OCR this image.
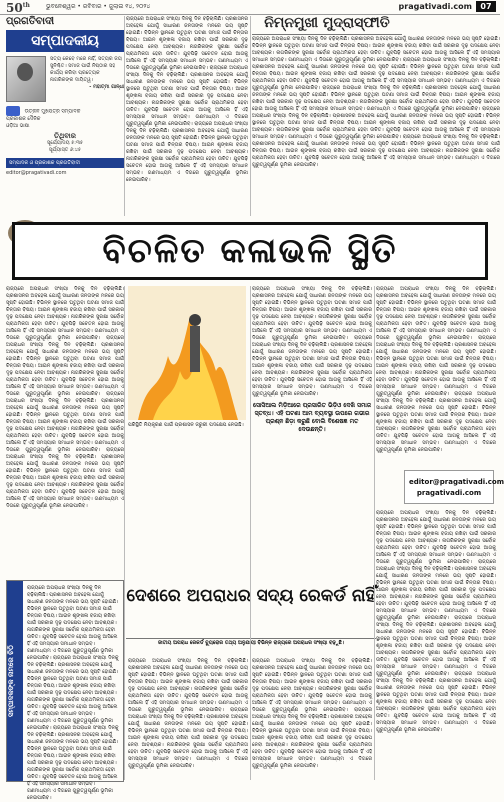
50th	ଭୁବନେଶ୍ୱର • ରବିବାର • ଜୁଲାଇ ୧୪, ୨୦୨୪	pragativadi.com	07
ପ୍ରଗତିବାଦୀ
ସମ୍ପାଦକୀୟ
ସତ୍ୟ କେବେ ମରେ ନାହିଁ, ସତ୍ୟର ଜୟ ସୁନିଶ୍ଚିତ। ସମାଜ ପାଇଁ ନିଷ୍ଠାର ସହ କାର୍ଯ୍ୟ କରିବା ପ୍ରତ୍ୟେକ ନାଗରିକଙ୍କ ଦାୟିତ୍ୱ।
- ମହାତ୍ମା ଗାନ୍ଧୀ
ଉତ୍କଳ ମୁଖପତ୍ର ସମ୍ପାଦକ
ପ୍ରକାଶକ ଦୈନିକ
ଓଡ଼ିଆ ଭାଷା
ତିଥିବାର
ସୂର୍ଯ୍ୟୋଦୟ ୫:୩୫
ସୂର୍ଯ୍ୟାସ୍ତ ୬:୪୫
ସମ୍ପାଦକ ଓ ପ୍ରକାଶକ ପ୍ରଗତିବାଦୀ
editor@pragativadi.com
ନିମ୍ନମୁଖୀ ମୁଦ୍ରାସ୍ଫୀତି
ରାଜ୍ୟରେ ଅପରାଧର ସଂଖ୍ୟା ଦିନକୁ ଦିନ ବଢ଼ିଚାଲିଛି। ପ୍ରଶାସନର ଅବହେଳା ଯୋଗୁଁ ସାଧାରଣ ଜନତାଙ୍କ ମନରେ ଭୟ ସୃଷ୍ଟି ହୋଇଛି। ବିଭିନ୍ନ ସ୍ଥାନରେ ଘଟୁଥିବା ଘଟଣା ସମାଜ ପାଇଁ ଚିନ୍ତାର ବିଷୟ। ଆଇନ ଶୃଙ୍ଖଳା ବଜାୟ ରଖିବା ପାଇଁ ସରକାର ଦୃଢ଼ ପଦକ୍ଷେପ ନେବା ଆବଶ୍ୟକ। ନାଗରିକଙ୍କ ସୁରକ୍ଷା ସର୍ବୋଚ୍ଚ ପ୍ରାଥମିକତା ହେବା ଉଚିତ। ଯୁବପିଢ଼ି ସଚେତନ ହୋଇ ଆଗକୁ ଆସିଲେ ହିଁ ଏହି ସମସ୍ୟାର ସମାଧାନ ସମ୍ଭବ। ଗଣମାଧ୍ୟମ ଏ ଦିଗରେ ଗୁରୁତ୍ୱପୂର୍ଣ୍ଣ ଭୂମିକା ନେଇପାରିବ। ରାଜ୍ୟରେ ଅପରାଧର ସଂଖ୍ୟା ଦିନକୁ ଦିନ ବଢ଼ିଚାଲିଛି। ପ୍ରଶାସନର ଅବହେଳା ଯୋଗୁଁ ସାଧାରଣ ଜନତାଙ୍କ ମନରେ ଭୟ ସୃଷ୍ଟି ହୋଇଛି। ବିଭିନ୍ନ ସ୍ଥାନରେ ଘଟୁଥିବା ଘଟଣା ସମାଜ ପାଇଁ ଚିନ୍ତାର ବିଷୟ। ଆଇନ ଶୃଙ୍ଖଳା ବଜାୟ ରଖିବା ପାଇଁ ସରକାର ଦୃଢ଼ ପଦକ୍ଷେପ ନେବା ଆବଶ୍ୟକ। ନାଗରିକଙ୍କ ସୁରକ୍ଷା ସର୍ବୋଚ୍ଚ ପ୍ରାଥମିକତା ହେବା ଉଚିତ। ଯୁବପିଢ଼ି ସଚେତନ ହୋଇ ଆଗକୁ ଆସିଲେ ହିଁ ଏହି ସମସ୍ୟାର ସମାଧାନ ସମ୍ଭବ। ଗଣମାଧ୍ୟମ ଏ ଦିଗରେ ଗୁରୁତ୍ୱପୂର୍ଣ୍ଣ ଭୂମିକା ନେଇପାରିବ। ରାଜ୍ୟରେ ଅପରାଧର ସଂଖ୍ୟା ଦିନକୁ ଦିନ ବଢ଼ିଚାଲିଛି। ପ୍ରଶାସନର ଅବହେଳା ଯୋଗୁଁ ସାଧାରଣ ଜନତାଙ୍କ ମନରେ ଭୟ ସୃଷ୍ଟି ହୋଇଛି। ବିଭିନ୍ନ ସ୍ଥାନରେ ଘଟୁଥିବା ଘଟଣା ସମାଜ ପାଇଁ ଚିନ୍ତାର ବିଷୟ। ଆଇନ ଶୃଙ୍ଖଳା ବଜାୟ ରଖିବା ପାଇଁ ସରକାର ଦୃଢ଼ ପଦକ୍ଷେପ ନେବା ଆବଶ୍ୟକ। ନାଗରିକଙ୍କ ସୁରକ୍ଷା ସର୍ବୋଚ୍ଚ ପ୍ରାଥମିକତା ହେବା ଉଚିତ। ଯୁବପିଢ଼ି ସଚେତନ ହୋଇ ଆଗକୁ ଆସିଲେ ହିଁ ଏହି ସମସ୍ୟାର ସମାଧାନ ସମ୍ଭବ। ଗଣମାଧ୍ୟମ ଏ ଦିଗରେ ଗୁରୁତ୍ୱପୂର୍ଣ୍ଣ ଭୂମିକା ନେଇପାରିବ।
ରାଜ୍ୟରେ ଅପରାଧର ସଂଖ୍ୟା ଦିନକୁ ଦିନ ବଢ଼ିଚାଲିଛି। ପ୍ରଶାସନର ଅବହେଳା ଯୋଗୁଁ ସାଧାରଣ ଜନତାଙ୍କ ମନରେ ଭୟ ସୃଷ୍ଟି ହୋଇଛି। ବିଭିନ୍ନ ସ୍ଥାନରେ ଘଟୁଥିବା ଘଟଣା ସମାଜ ପାଇଁ ଚିନ୍ତାର ବିଷୟ। ଆଇନ ଶୃଙ୍ଖଳା ବଜାୟ ରଖିବା ପାଇଁ ସରକାର ଦୃଢ଼ ପଦକ୍ଷେପ ନେବା ଆବଶ୍ୟକ। ନାଗରିକଙ୍କ ସୁରକ୍ଷା ସର୍ବୋଚ୍ଚ ପ୍ରାଥମିକତା ହେବା ଉଚିତ। ଯୁବପିଢ଼ି ସଚେତନ ହୋଇ ଆଗକୁ ଆସିଲେ ହିଁ ଏହି ସମସ୍ୟାର ସମାଧାନ ସମ୍ଭବ। ଗଣମାଧ୍ୟମ ଏ ଦିଗରେ ଗୁରୁତ୍ୱପୂର୍ଣ୍ଣ ଭୂମିକା ନେଇପାରିବ। ରାଜ୍ୟରେ ଅପରାଧର ସଂଖ୍ୟା ଦିନକୁ ଦିନ ବଢ଼ିଚାଲିଛି। ପ୍ରଶାସନର ଅବହେଳା ଯୋଗୁଁ ସାଧାରଣ ଜନତାଙ୍କ ମନରେ ଭୟ ସୃଷ୍ଟି ହୋଇଛି। ବିଭିନ୍ନ ସ୍ଥାନରେ ଘଟୁଥିବା ଘଟଣା ସମାଜ ପାଇଁ ଚିନ୍ତାର ବିଷୟ। ଆଇନ ଶୃଙ୍ଖଳା ବଜାୟ ରଖିବା ପାଇଁ ସରକାର ଦୃଢ଼ ପଦକ୍ଷେପ ନେବା ଆବଶ୍ୟକ। ନାଗରିକଙ୍କ ସୁରକ୍ଷା ସର୍ବୋଚ୍ଚ ପ୍ରାଥମିକତା ହେବା ଉଚିତ। ଯୁବପିଢ଼ି ସଚେତନ ହୋଇ ଆଗକୁ ଆସିଲେ ହିଁ ଏହି ସମସ୍ୟାର ସମାଧାନ ସମ୍ଭବ। ଗଣମାଧ୍ୟମ ଏ ଦିଗରେ ଗୁରୁତ୍ୱପୂର୍ଣ୍ଣ ଭୂମିକା ନେଇପାରିବ। ରାଜ୍ୟରେ ଅପରାଧର ସଂଖ୍ୟା ଦିନକୁ ଦିନ ବଢ଼ିଚାଲିଛି। ପ୍ରଶାସନର ଅବହେଳା ଯୋଗୁଁ ସାଧାରଣ ଜନତାଙ୍କ ମନରେ ଭୟ ସୃଷ୍ଟି ହୋଇଛି। ବିଭିନ୍ନ ସ୍ଥାନରେ ଘଟୁଥିବା ଘଟଣା ସମାଜ ପାଇଁ ଚିନ୍ତାର ବିଷୟ। ଆଇନ ଶୃଙ୍ଖଳା ବଜାୟ ରଖିବା ପାଇଁ ସରକାର ଦୃଢ଼ ପଦକ୍ଷେପ ନେବା ଆବଶ୍ୟକ। ନାଗରିକଙ୍କ ସୁରକ୍ଷା ସର୍ବୋଚ୍ଚ ପ୍ରାଥମିକତା ହେବା ଉଚିତ। ଯୁବପିଢ଼ି ସଚେତନ ହୋଇ ଆଗକୁ ଆସିଲେ ହିଁ ଏହି ସମସ୍ୟାର ସମାଧାନ ସମ୍ଭବ। ଗଣମାଧ୍ୟମ ଏ ଦିଗରେ ଗୁରୁତ୍ୱପୂର୍ଣ୍ଣ ଭୂମିକା ନେଇପାରିବ। ରାଜ୍ୟରେ ଅପରାଧର ସଂଖ୍ୟା ଦିନକୁ ଦିନ ବଢ଼ିଚାଲିଛି। ପ୍ରଶାସନର ଅବହେଳା ଯୋଗୁଁ ସାଧାରଣ ଜନତାଙ୍କ ମନରେ ଭୟ ସୃଷ୍ଟି ହୋଇଛି। ବିଭିନ୍ନ ସ୍ଥାନରେ ଘଟୁଥିବା ଘଟଣା ସମାଜ ପାଇଁ ଚିନ୍ତାର ବିଷୟ। ଆଇନ ଶୃଙ୍ଖଳା ବଜାୟ ରଖିବା ପାଇଁ ସରକାର ଦୃଢ଼ ପଦକ୍ଷେପ ନେବା ଆବଶ୍ୟକ। ନାଗରିକଙ୍କ ସୁରକ୍ଷା ସର୍ବୋଚ୍ଚ ପ୍ରାଥମିକତା ହେବା ଉଚିତ। ଯୁବପିଢ଼ି ସଚେତନ ହୋଇ ଆଗକୁ ଆସିଲେ ହିଁ ଏହି ସମସ୍ୟାର ସମାଧାନ ସମ୍ଭବ। ଗଣମାଧ୍ୟମ ଏ ଦିଗରେ ଗୁରୁତ୍ୱପୂର୍ଣ୍ଣ ଭୂମିକା ନେଇପାରିବ। ରାଜ୍ୟରେ ଅପରାଧର ସଂଖ୍ୟା ଦିନକୁ ଦିନ ବଢ଼ିଚାଲିଛି। ପ୍ରଶାସନର ଅବହେଳା ଯୋଗୁଁ ସାଧାରଣ ଜନତାଙ୍କ ମନରେ ଭୟ ସୃଷ୍ଟି ହୋଇଛି। ବିଭିନ୍ନ ସ୍ଥାନରେ ଘଟୁଥିବା ଘଟଣା ସମାଜ ପାଇଁ ଚିନ୍ତାର ବିଷୟ। ଆଇନ ଶୃଙ୍ଖଳା ବଜାୟ ରଖିବା ପାଇଁ ସରକାର ଦୃଢ଼ ପଦକ୍ଷେପ ନେବା ଆବଶ୍ୟକ। ନାଗରିକଙ୍କ ସୁରକ୍ଷା ସର୍ବୋଚ୍ଚ ପ୍ରାଥମିକତା ହେବା ଉଚିତ। ଯୁବପିଢ଼ି ସଚେତନ ହୋଇ ଆଗକୁ ଆସିଲେ ହିଁ ଏହି ସମସ୍ୟାର ସମାଧାନ ସମ୍ଭବ। ଗଣମାଧ୍ୟମ ଏ ଦିଗରେ ଗୁରୁତ୍ୱପୂର୍ଣ୍ଣ ଭୂମିକା ନେଇପାରିବ।
ବିଚଳିତ କଳାଭଳି ସ୍ଥିତି
ରାଜ୍ୟରେ ଅପରାଧର ସଂଖ୍ୟା ଦିନକୁ ଦିନ ବଢ଼ିଚାଲିଛି। ପ୍ରଶାସନର ଅବହେଳା ଯୋଗୁଁ ସାଧାରଣ ଜନତାଙ୍କ ମନରେ ଭୟ ସୃଷ୍ଟି ହୋଇଛି। ବିଭିନ୍ନ ସ୍ଥାନରେ ଘଟୁଥିବା ଘଟଣା ସମାଜ ପାଇଁ ଚିନ୍ତାର ବିଷୟ। ଆଇନ ଶୃଙ୍ଖଳା ବଜାୟ ରଖିବା ପାଇଁ ସରକାର ଦୃଢ଼ ପଦକ୍ଷେପ ନେବା ଆବଶ୍ୟକ। ନାଗରିକଙ୍କ ସୁରକ୍ଷା ସର୍ବୋଚ୍ଚ ପ୍ରାଥମିକତା ହେବା ଉଚିତ। ଯୁବପିଢ଼ି ସଚେତନ ହୋଇ ଆଗକୁ ଆସିଲେ ହିଁ ଏହି ସମସ୍ୟାର ସମାଧାନ ସମ୍ଭବ। ଗଣମାଧ୍ୟମ ଏ ଦିଗରେ ଗୁରୁତ୍ୱପୂର୍ଣ୍ଣ ଭୂମିକା ନେଇପାରିବ। ରାଜ୍ୟରେ ଅପରାଧର ସଂଖ୍ୟା ଦିନକୁ ଦିନ ବଢ଼ିଚାଲିଛି। ପ୍ରଶାସନର ଅବହେଳା ଯୋଗୁଁ ସାଧାରଣ ଜନତାଙ୍କ ମନରେ ଭୟ ସୃଷ୍ଟି ହୋଇଛି। ବିଭିନ୍ନ ସ୍ଥାନରେ ଘଟୁଥିବା ଘଟଣା ସମାଜ ପାଇଁ ଚିନ୍ତାର ବିଷୟ। ଆଇନ ଶୃଙ୍ଖଳା ବଜାୟ ରଖିବା ପାଇଁ ସରକାର ଦୃଢ଼ ପଦକ୍ଷେପ ନେବା ଆବଶ୍ୟକ। ନାଗରିକଙ୍କ ସୁରକ୍ଷା ସର୍ବୋଚ୍ଚ ପ୍ରାଥମିକତା ହେବା ଉଚିତ। ଯୁବପିଢ଼ି ସଚେତନ ହୋଇ ଆଗକୁ ଆସିଲେ ହିଁ ଏହି ସମସ୍ୟାର ସମାଧାନ ସମ୍ଭବ। ଗଣମାଧ୍ୟମ ଏ ଦିଗରେ ଗୁରୁତ୍ୱପୂର୍ଣ୍ଣ ଭୂମିକା ନେଇପାରିବ। ରାଜ୍ୟରେ ଅପରାଧର ସଂଖ୍ୟା ଦିନକୁ ଦିନ ବଢ଼ିଚାଲିଛି। ପ୍ରଶାସନର ଅବହେଳା ଯୋଗୁଁ ସାଧାରଣ ଜନତାଙ୍କ ମନରେ ଭୟ ସୃଷ୍ଟି ହୋଇଛି। ବିଭିନ୍ନ ସ୍ଥାନରେ ଘଟୁଥିବା ଘଟଣା ସମାଜ ପାଇଁ ଚିନ୍ତାର ବିଷୟ। ଆଇନ ଶୃଙ୍ଖଳା ବଜାୟ ରଖିବା ପାଇଁ ସରକାର ଦୃଢ଼ ପଦକ୍ଷେପ ନେବା ଆବଶ୍ୟକ। ନାଗରିକଙ୍କ ସୁରକ୍ଷା ସର୍ବୋଚ୍ଚ ପ୍ରାଥମିକତା ହେବା ଉଚିତ। ଯୁବପିଢ଼ି ସଚେତନ ହୋଇ ଆଗକୁ ଆସିଲେ ହିଁ ଏହି ସମସ୍ୟାର ସମାଧାନ ସମ୍ଭବ। ଗଣମାଧ୍ୟମ ଏ ଦିଗରେ ଗୁରୁତ୍ୱପୂର୍ଣ୍ଣ ଭୂମିକା ନେଇପାରିବ। ରାଜ୍ୟରେ ଅପରାଧର ସଂଖ୍ୟା ଦିନକୁ ଦିନ ବଢ଼ିଚାଲିଛି। ପ୍ରଶାସନର ଅବହେଳା ଯୋଗୁଁ ସାଧାରଣ ଜନତାଙ୍କ ମନରେ ଭୟ ସୃଷ୍ଟି ହୋଇଛି। ବିଭିନ୍ନ ସ୍ଥାନରେ ଘଟୁଥିବା ଘଟଣା ସମାଜ ପାଇଁ ଚିନ୍ତାର ବିଷୟ। ଆଇନ ଶୃଙ୍ଖଳା ବଜାୟ ରଖିବା ପାଇଁ ସରକାର ଦୃଢ଼ ପଦକ୍ଷେପ ନେବା ଆବଶ୍ୟକ। ନାଗରିକଙ୍କ ସୁରକ୍ଷା ସର୍ବୋଚ୍ଚ ପ୍ରାଥମିକତା ହେବା ଉଚିତ। ଯୁବପିଢ଼ି ସଚେତନ ହୋଇ ଆଗକୁ ଆସିଲେ ହିଁ ଏହି ସମସ୍ୟାର ସମାଧାନ ସମ୍ଭବ। ଗଣମାଧ୍ୟମ ଏ ଦିଗରେ ଗୁରୁତ୍ୱପୂର୍ଣ୍ଣ ଭୂମିକା ନେଇପାରିବ।
ପରିସ୍ଥିତି ନିୟନ୍ତ୍ରଣ ପାଇଁ ପ୍ରଶାସନ ଜରୁରୀ ପଦକ୍ଷେପ ନେଇଛି।
ରାଜ୍ୟରେ ଅପରାଧର ସଂଖ୍ୟା ଦିନକୁ ଦିନ ବଢ଼ିଚାଲିଛି। ପ୍ରଶାସନର ଅବହେଳା ଯୋଗୁଁ ସାଧାରଣ ଜନତାଙ୍କ ମନରେ ଭୟ ସୃଷ୍ଟି ହୋଇଛି। ବିଭିନ୍ନ ସ୍ଥାନରେ ଘଟୁଥିବା ଘଟଣା ସମାଜ ପାଇଁ ଚିନ୍ତାର ବିଷୟ। ଆଇନ ଶୃଙ୍ଖଳା ବଜାୟ ରଖିବା ପାଇଁ ସରକାର ଦୃଢ଼ ପଦକ୍ଷେପ ନେବା ଆବଶ୍ୟକ। ନାଗରିକଙ୍କ ସୁରକ୍ଷା ସର୍ବୋଚ୍ଚ ପ୍ରାଥମିକତା ହେବା ଉଚିତ। ଯୁବପିଢ଼ି ସଚେତନ ହୋଇ ଆଗକୁ ଆସିଲେ ହିଁ ଏହି ସମସ୍ୟାର ସମାଧାନ ସମ୍ଭବ। ଗଣମାଧ୍ୟମ ଏ ଦିଗରେ ଗୁରୁତ୍ୱପୂର୍ଣ୍ଣ ଭୂମିକା ନେଇପାରିବ। ରାଜ୍ୟରେ ଅପରାଧର ସଂଖ୍ୟା ଦିନକୁ ଦିନ ବଢ଼ିଚାଲିଛି। ପ୍ରଶାସନର ଅବହେଳା ଯୋଗୁଁ ସାଧାରଣ ଜନତାଙ୍କ ମନରେ ଭୟ ସୃଷ୍ଟି ହୋଇଛି। ବିଭିନ୍ନ ସ୍ଥାନରେ ଘଟୁଥିବା ଘଟଣା ସମାଜ ପାଇଁ ଚିନ୍ତାର ବିଷୟ। ଆଇନ ଶୃଙ୍ଖଳା ବଜାୟ ରଖିବା ପାଇଁ ସରକାର ଦୃଢ଼ ପଦକ୍ଷେପ ନେବା ଆବଶ୍ୟକ। ନାଗରିକଙ୍କ ସୁରକ୍ଷା ସର୍ବୋଚ୍ଚ ପ୍ରାଥମିକତା ହେବା ଉଚିତ। ଯୁବପିଢ଼ି ସଚେତନ ହୋଇ ଆଗକୁ ଆସିଲେ ହିଁ ଏହି ସମସ୍ୟାର ସମାଧାନ ସମ୍ଭବ। ଗଣମାଧ୍ୟମ ଏ ଦିଗରେ ଗୁରୁତ୍ୱପୂର୍ଣ୍ଣ ଭୂମିକା ନେଇପାରିବ।
ସୋସିଆଲ ମିଡ଼ିଆରେ ପ୍ରସାରିତ ଭିଡ଼ିଓ ଦେଖି ସମାଜ ସ୍ତବ୍ଧ। ଏହି ଘଟଣା ଆମ ବ୍ୟବସ୍ଥା ଉପରେ ଗଭୀର ପ୍ରଶ୍ନ ଛିଡ଼ା କରୁଛି ବୋଲି ବିଶେଷଜ୍ଞ ମତ ଦେଉଛନ୍ତି।
ରାଜ୍ୟରେ ଅପରାଧର ସଂଖ୍ୟା ଦିନକୁ ଦିନ ବଢ଼ିଚାଲିଛି। ପ୍ରଶାସନର ଅବହେଳା ଯୋଗୁଁ ସାଧାରଣ ଜନତାଙ୍କ ମନରେ ଭୟ ସୃଷ୍ଟି ହୋଇଛି। ବିଭିନ୍ନ ସ୍ଥାନରେ ଘଟୁଥିବା ଘଟଣା ସମାଜ ପାଇଁ ଚିନ୍ତାର ବିଷୟ। ଆଇନ ଶୃଙ୍ଖଳା ବଜାୟ ରଖିବା ପାଇଁ ସରକାର ଦୃଢ଼ ପଦକ୍ଷେପ ନେବା ଆବଶ୍ୟକ। ନାଗରିକଙ୍କ ସୁରକ୍ଷା ସର୍ବୋଚ୍ଚ ପ୍ରାଥମିକତା ହେବା ଉଚିତ। ଯୁବପିଢ଼ି ସଚେତନ ହୋଇ ଆଗକୁ ଆସିଲେ ହିଁ ଏହି ସମସ୍ୟାର ସମାଧାନ ସମ୍ଭବ। ଗଣମାଧ୍ୟମ ଏ ଦିଗରେ ଗୁରୁତ୍ୱପୂର୍ଣ୍ଣ ଭୂମିକା ନେଇପାରିବ। ରାଜ୍ୟରେ ଅପରାଧର ସଂଖ୍ୟା ଦିନକୁ ଦିନ ବଢ଼ିଚାଲିଛି। ପ୍ରଶାସନର ଅବହେଳା ଯୋଗୁଁ ସାଧାରଣ ଜନତାଙ୍କ ମନରେ ଭୟ ସୃଷ୍ଟି ହୋଇଛି। ବିଭିନ୍ନ ସ୍ଥାନରେ ଘଟୁଥିବା ଘଟଣା ସମାଜ ପାଇଁ ଚିନ୍ତାର ବିଷୟ। ଆଇନ ଶୃଙ୍ଖଳା ବଜାୟ ରଖିବା ପାଇଁ ସରକାର ଦୃଢ଼ ପଦକ୍ଷେପ ନେବା ଆବଶ୍ୟକ। ନାଗରିକଙ୍କ ସୁରକ୍ଷା ସର୍ବୋଚ୍ଚ ପ୍ରାଥମିକତା ହେବା ଉଚିତ। ଯୁବପିଢ଼ି ସଚେତନ ହୋଇ ଆଗକୁ ଆସିଲେ ହିଁ ଏହି ସମସ୍ୟାର ସମାଧାନ ସମ୍ଭବ। ଗଣମାଧ୍ୟମ ଏ ଦିଗରେ ଗୁରୁତ୍ୱପୂର୍ଣ୍ଣ ଭୂମିକା ନେଇପାରିବ। ରାଜ୍ୟରେ ଅପରାଧର ସଂଖ୍ୟା ଦିନକୁ ଦିନ ବଢ଼ିଚାଲିଛି। ପ୍ରଶାସନର ଅବହେଳା ଯୋଗୁଁ ସାଧାରଣ ଜନତାଙ୍କ ମନରେ ଭୟ ସୃଷ୍ଟି ହୋଇଛି। ବିଭିନ୍ନ ସ୍ଥାନରେ ଘଟୁଥିବା ଘଟଣା ସମାଜ ପାଇଁ ଚିନ୍ତାର ବିଷୟ। ଆଇନ ଶୃଙ୍ଖଳା ବଜାୟ ରଖିବା ପାଇଁ ସରକାର ଦୃଢ଼ ପଦକ୍ଷେପ ନେବା ଆବଶ୍ୟକ। ନାଗରିକଙ୍କ ସୁରକ୍ଷା ସର୍ବୋଚ୍ଚ ପ୍ରାଥମିକତା ହେବା ଉଚିତ। ଯୁବପିଢ଼ି ସଚେତନ ହୋଇ ଆଗକୁ ଆସିଲେ ହିଁ ଏହି ସମସ୍ୟାର ସମାଧାନ ସମ୍ଭବ। ଗଣମାଧ୍ୟମ ଏ ଦିଗରେ ଗୁରୁତ୍ୱପୂର୍ଣ୍ଣ ଭୂମିକା ନେଇପାରିବ।
editor@pragativadi.com
pragativadi.com
ରାଜ୍ୟରେ ଅପରାଧର ସଂଖ୍ୟା ଦିନକୁ ଦିନ ବଢ଼ିଚାଲିଛି। ପ୍ରଶାସନର ଅବହେଳା ଯୋଗୁଁ ସାଧାରଣ ଜନତାଙ୍କ ମନରେ ଭୟ ସୃଷ୍ଟି ହୋଇଛି। ବିଭିନ୍ନ ସ୍ଥାନରେ ଘଟୁଥିବା ଘଟଣା ସମାଜ ପାଇଁ ଚିନ୍ତାର ବିଷୟ। ଆଇନ ଶୃଙ୍ଖଳା ବଜାୟ ରଖିବା ପାଇଁ ସରକାର ଦୃଢ଼ ପଦକ୍ଷେପ ନେବା ଆବଶ୍ୟକ। ନାଗରିକଙ୍କ ସୁରକ୍ଷା ସର୍ବୋଚ୍ଚ ପ୍ରାଥମିକତା ହେବା ଉଚିତ। ଯୁବପିଢ଼ି ସଚେତନ ହୋଇ ଆଗକୁ ଆସିଲେ ହିଁ ଏହି ସମସ୍ୟାର ସମାଧାନ ସମ୍ଭବ। ଗଣମାଧ୍ୟମ ଏ ଦିଗରେ ଗୁରୁତ୍ୱପୂର୍ଣ୍ଣ ଭୂମିକା ନେଇପାରିବ। ରାଜ୍ୟରେ ଅପରାଧର ସଂଖ୍ୟା ଦିନକୁ ଦିନ ବଢ଼ିଚାଲିଛି। ପ୍ରଶାସନର ଅବହେଳା ଯୋଗୁଁ ସାଧାରଣ ଜନତାଙ୍କ ମନରେ ଭୟ ସୃଷ୍ଟି ହୋଇଛି। ବିଭିନ୍ନ ସ୍ଥାନରେ ଘଟୁଥିବା ଘଟଣା ସମାଜ ପାଇଁ ଚିନ୍ତାର ବିଷୟ। ଆଇନ ଶୃଙ୍ଖଳା ବଜାୟ ରଖିବା ପାଇଁ ସରକାର ଦୃଢ଼ ପଦକ୍ଷେପ ନେବା ଆବଶ୍ୟକ। ନାଗରିକଙ୍କ ସୁରକ୍ଷା ସର୍ବୋଚ୍ଚ ପ୍ରାଥମିକତା ହେବା ଉଚିତ। ଯୁବପିଢ଼ି ସଚେତନ ହୋଇ ଆଗକୁ ଆସିଲେ ହିଁ ଏହି ସମସ୍ୟାର ସମାଧାନ ସମ୍ଭବ। ଗଣମାଧ୍ୟମ ଏ ଦିଗରେ ଗୁରୁତ୍ୱପୂର୍ଣ୍ଣ ଭୂମିକା ନେଇପାରିବ। ରାଜ୍ୟରେ ଅପରାଧର ସଂଖ୍ୟା ଦିନକୁ ଦିନ ବଢ଼ିଚାଲିଛି। ପ୍ରଶାସନର ଅବହେଳା ଯୋଗୁଁ ସାଧାରଣ ଜନତାଙ୍କ ମନରେ ଭୟ ସୃଷ୍ଟି ହୋଇଛି। ବିଭିନ୍ନ ସ୍ଥାନରେ ଘଟୁଥିବା ଘଟଣା ସମାଜ ପାଇଁ ଚିନ୍ତାର ବିଷୟ। ଆଇନ ଶୃଙ୍ଖଳା ବଜାୟ ରଖିବା ପାଇଁ ସରକାର ଦୃଢ଼ ପଦକ୍ଷେପ ନେବା ଆବଶ୍ୟକ। ନାଗରିକଙ୍କ ସୁରକ୍ଷା ସର୍ବୋଚ୍ଚ ପ୍ରାଥମିକତା ହେବା ଉଚିତ। ଯୁବପିଢ଼ି ସଚେତନ ହୋଇ ଆଗକୁ ଆସିଲେ ହିଁ ଏହି ସମସ୍ୟାର ସମାଧାନ ସମ୍ଭବ। ଗଣମାଧ୍ୟମ ଏ ଦିଗରେ ଗୁରୁତ୍ୱପୂର୍ଣ୍ଣ ଭୂମିକା ନେଇପାରିବ। ରାଜ୍ୟରେ ଅପରାଧର ସଂଖ୍ୟା ଦିନକୁ ଦିନ ବଢ଼ିଚାଲିଛି। ପ୍ରଶାସନର ଅବହେଳା ଯୋଗୁଁ ସାଧାରଣ ଜନତାଙ୍କ ମନରେ ଭୟ ସୃଷ୍ଟି ହୋଇଛି। ବିଭିନ୍ନ ସ୍ଥାନରେ ଘଟୁଥିବା ଘଟଣା ସମାଜ ପାଇଁ ଚିନ୍ତାର ବିଷୟ। ଆଇନ ଶୃଙ୍ଖଳା ବଜାୟ ରଖିବା ପାଇଁ ସରକାର ଦୃଢ଼ ପଦକ୍ଷେପ ନେବା ଆବଶ୍ୟକ। ନାଗରିକଙ୍କ ସୁରକ୍ଷା ସର୍ବୋଚ୍ଚ ପ୍ରାଥମିକତା ହେବା ଉଚିତ। ଯୁବପିଢ଼ି ସଚେତନ ହୋଇ ଆଗକୁ ଆସିଲେ ହିଁ ଏହି ସମସ୍ୟାର ସମାଧାନ ସମ୍ଭବ। ଗଣମାଧ୍ୟମ ଏ ଦିଗରେ ଗୁରୁତ୍ୱପୂର୍ଣ୍ଣ ଭୂମିକା ନେଇପାରିବ।
ଦେଶରେ ଅପରାଧର ସଦ୍ୟ ରେକର୍ଡ ନାହିଁ
ଜାତୀୟ ଅପରାଧ ରେକର୍ଡ ବ୍ୟୁରୋର ତଥ୍ୟ ଅନୁଯାୟୀ ବିଭିନ୍ନ ରାଜ୍ୟରେ ଅପରାଧର ସଂଖ୍ୟା ବଢ଼ୁଛି।
ରାଜ୍ୟରେ ଅପରାଧର ସଂଖ୍ୟା ଦିନକୁ ଦିନ ବଢ଼ିଚାଲିଛି। ପ୍ରଶାସନର ଅବହେଳା ଯୋଗୁଁ ସାଧାରଣ ଜନତାଙ୍କ ମନରେ ଭୟ ସୃଷ୍ଟି ହୋଇଛି। ବିଭିନ୍ନ ସ୍ଥାନରେ ଘଟୁଥିବା ଘଟଣା ସମାଜ ପାଇଁ ଚିନ୍ତାର ବିଷୟ। ଆଇନ ଶୃଙ୍ଖଳା ବଜାୟ ରଖିବା ପାଇଁ ସରକାର ଦୃଢ଼ ପଦକ୍ଷେପ ନେବା ଆବଶ୍ୟକ। ନାଗରିକଙ୍କ ସୁରକ୍ଷା ସର୍ବୋଚ୍ଚ ପ୍ରାଥମିକତା ହେବା ଉଚିତ। ଯୁବପିଢ଼ି ସଚେତନ ହୋଇ ଆଗକୁ ଆସିଲେ ହିଁ ଏହି ସମସ୍ୟାର ସମାଧାନ ସମ୍ଭବ। ଗଣମାଧ୍ୟମ ଏ ଦିଗରେ ଗୁରୁତ୍ୱପୂର୍ଣ୍ଣ ଭୂମିକା ନେଇପାରିବ। ରାଜ୍ୟରେ ଅପରାଧର ସଂଖ୍ୟା ଦିନକୁ ଦିନ ବଢ଼ିଚାଲିଛି। ପ୍ରଶାସନର ଅବହେଳା ଯୋଗୁଁ ସାଧାରଣ ଜନତାଙ୍କ ମନରେ ଭୟ ସୃଷ୍ଟି ହୋଇଛି। ବିଭିନ୍ନ ସ୍ଥାନରେ ଘଟୁଥିବା ଘଟଣା ସମାଜ ପାଇଁ ଚିନ୍ତାର ବିଷୟ। ଆଇନ ଶୃଙ୍ଖଳା ବଜାୟ ରଖିବା ପାଇଁ ସରକାର ଦୃଢ଼ ପଦକ୍ଷେପ ନେବା ଆବଶ୍ୟକ। ନାଗରିକଙ୍କ ସୁରକ୍ଷା ସର୍ବୋଚ୍ଚ ପ୍ରାଥମିକତା ହେବା ଉଚିତ। ଯୁବପିଢ଼ି ସଚେତନ ହୋଇ ଆଗକୁ ଆସିଲେ ହିଁ ଏହି ସମସ୍ୟାର ସମାଧାନ ସମ୍ଭବ। ଗଣମାଧ୍ୟମ ଏ ଦିଗରେ ଗୁରୁତ୍ୱପୂର୍ଣ୍ଣ ଭୂମିକା ନେଇପାରିବ।
ରାଜ୍ୟରେ ଅପରାଧର ସଂଖ୍ୟା ଦିନକୁ ଦିନ ବଢ଼ିଚାଲିଛି। ପ୍ରଶାସନର ଅବହେଳା ଯୋଗୁଁ ସାଧାରଣ ଜନତାଙ୍କ ମନରେ ଭୟ ସୃଷ୍ଟି ହୋଇଛି। ବିଭିନ୍ନ ସ୍ଥାନରେ ଘଟୁଥିବା ଘଟଣା ସମାଜ ପାଇଁ ଚିନ୍ତାର ବିଷୟ। ଆଇନ ଶୃଙ୍ଖଳା ବଜାୟ ରଖିବା ପାଇଁ ସରକାର ଦୃଢ଼ ପଦକ୍ଷେପ ନେବା ଆବଶ୍ୟକ। ନାଗରିକଙ୍କ ସୁରକ୍ଷା ସର୍ବୋଚ୍ଚ ପ୍ରାଥମିକତା ହେବା ଉଚିତ। ଯୁବପିଢ଼ି ସଚେତନ ହୋଇ ଆଗକୁ ଆସିଲେ ହିଁ ଏହି ସମସ୍ୟାର ସମାଧାନ ସମ୍ଭବ। ଗଣମାଧ୍ୟମ ଏ ଦିଗରେ ଗୁରୁତ୍ୱପୂର୍ଣ୍ଣ ଭୂମିକା ନେଇପାରିବ। ରାଜ୍ୟରେ ଅପରାଧର ସଂଖ୍ୟା ଦିନକୁ ଦିନ ବଢ଼ିଚାଲିଛି। ପ୍ରଶାସନର ଅବହେଳା ଯୋଗୁଁ ସାଧାରଣ ଜନତାଙ୍କ ମନରେ ଭୟ ସୃଷ୍ଟି ହୋଇଛି। ବିଭିନ୍ନ ସ୍ଥାନରେ ଘଟୁଥିବା ଘଟଣା ସମାଜ ପାଇଁ ଚିନ୍ତାର ବିଷୟ। ଆଇନ ଶୃଙ୍ଖଳା ବଜାୟ ରଖିବା ପାଇଁ ସରକାର ଦୃଢ଼ ପଦକ୍ଷେପ ନେବା ଆବଶ୍ୟକ। ନାଗରିକଙ୍କ ସୁରକ୍ଷା ସର୍ବୋଚ୍ଚ ପ୍ରାଥମିକତା ହେବା ଉଚିତ। ଯୁବପିଢ଼ି ସଚେତନ ହୋଇ ଆଗକୁ ଆସିଲେ ହିଁ ଏହି ସମସ୍ୟାର ସମାଧାନ ସମ୍ଭବ। ଗଣମାଧ୍ୟମ ଏ ଦିଗରେ ଗୁରୁତ୍ୱପୂର୍ଣ୍ଣ ଭୂମିକା ନେଇପାରିବ।
ସମ୍ପାଦକଙ୍କ ନାମରେ ଚିଠି
ରାଜ୍ୟରେ ଅପରାଧର ସଂଖ୍ୟା ଦିନକୁ ଦିନ ବଢ଼ିଚାଲିଛି। ପ୍ରଶାସନର ଅବହେଳା ଯୋଗୁଁ ସାଧାରଣ ଜନତାଙ୍କ ମନରେ ଭୟ ସୃଷ୍ଟି ହୋଇଛି। ବିଭିନ୍ନ ସ୍ଥାନରେ ଘଟୁଥିବା ଘଟଣା ସମାଜ ପାଇଁ ଚିନ୍ତାର ବିଷୟ। ଆଇନ ଶୃଙ୍ଖଳା ବଜାୟ ରଖିବା ପାଇଁ ସରକାର ଦୃଢ଼ ପଦକ୍ଷେପ ନେବା ଆବଶ୍ୟକ। ନାଗରିକଙ୍କ ସୁରକ୍ଷା ସର୍ବୋଚ୍ଚ ପ୍ରାଥମିକତା ହେବା ଉଚିତ। ଯୁବପିଢ଼ି ସଚେତନ ହୋଇ ଆଗକୁ ଆସିଲେ ହିଁ ଏହି ସମସ୍ୟାର ସମାଧାନ ସମ୍ଭବ। ଗଣମାଧ୍ୟମ ଏ ଦିଗରେ ଗୁରୁତ୍ୱପୂର୍ଣ୍ଣ ଭୂମିକା ନେଇପାରିବ। ରାଜ୍ୟରେ ଅପରାଧର ସଂଖ୍ୟା ଦିନକୁ ଦିନ ବଢ଼ିଚାଲିଛି। ପ୍ରଶାସନର ଅବହେଳା ଯୋଗୁଁ ସାଧାରଣ ଜନତାଙ୍କ ମନରେ ଭୟ ସୃଷ୍ଟି ହୋଇଛି। ବିଭିନ୍ନ ସ୍ଥାନରେ ଘଟୁଥିବା ଘଟଣା ସମାଜ ପାଇଁ ଚିନ୍ତାର ବିଷୟ। ଆଇନ ଶୃଙ୍ଖଳା ବଜାୟ ରଖିବା ପାଇଁ ସରକାର ଦୃଢ଼ ପଦକ୍ଷେପ ନେବା ଆବଶ୍ୟକ। ନାଗରିକଙ୍କ ସୁରକ୍ଷା ସର୍ବୋଚ୍ଚ ପ୍ରାଥମିକତା ହେବା ଉଚିତ। ଯୁବପିଢ଼ି ସଚେତନ ହୋଇ ଆଗକୁ ଆସିଲେ ହିଁ ଏହି ସମସ୍ୟାର ସମାଧାନ ସମ୍ଭବ। ଗଣମାଧ୍ୟମ ଏ ଦିଗରେ ଗୁରୁତ୍ୱପୂର୍ଣ୍ଣ ଭୂମିକା ନେଇପାରିବ। ରାଜ୍ୟରେ ଅପରାଧର ସଂଖ୍ୟା ଦିନକୁ ଦିନ ବଢ଼ିଚାଲିଛି। ପ୍ରଶାସନର ଅବହେଳା ଯୋଗୁଁ ସାଧାରଣ ଜନତାଙ୍କ ମନରେ ଭୟ ସୃଷ୍ଟି ହୋଇଛି। ବିଭିନ୍ନ ସ୍ଥାନରେ ଘଟୁଥିବା ଘଟଣା ସମାଜ ପାଇଁ ଚିନ୍ତାର ବିଷୟ। ଆଇନ ଶୃଙ୍ଖଳା ବଜାୟ ରଖିବା ପାଇଁ ସରକାର ଦୃଢ଼ ପଦକ୍ଷେପ ନେବା ଆବଶ୍ୟକ। ନାଗରିକଙ୍କ ସୁରକ୍ଷା ସର୍ବୋଚ୍ଚ ପ୍ରାଥମିକତା ହେବା ଉଚିତ। ଯୁବପିଢ଼ି ସଚେତନ ହୋଇ ଆଗକୁ ଆସିଲେ ହିଁ ଏହି ସମସ୍ୟାର ସମାଧାନ ସମ୍ଭବ। ଗଣମାଧ୍ୟମ ଏ ଦିଗରେ ଗୁରୁତ୍ୱପୂର୍ଣ୍ଣ ଭୂମିକା ନେଇପାରିବ।
